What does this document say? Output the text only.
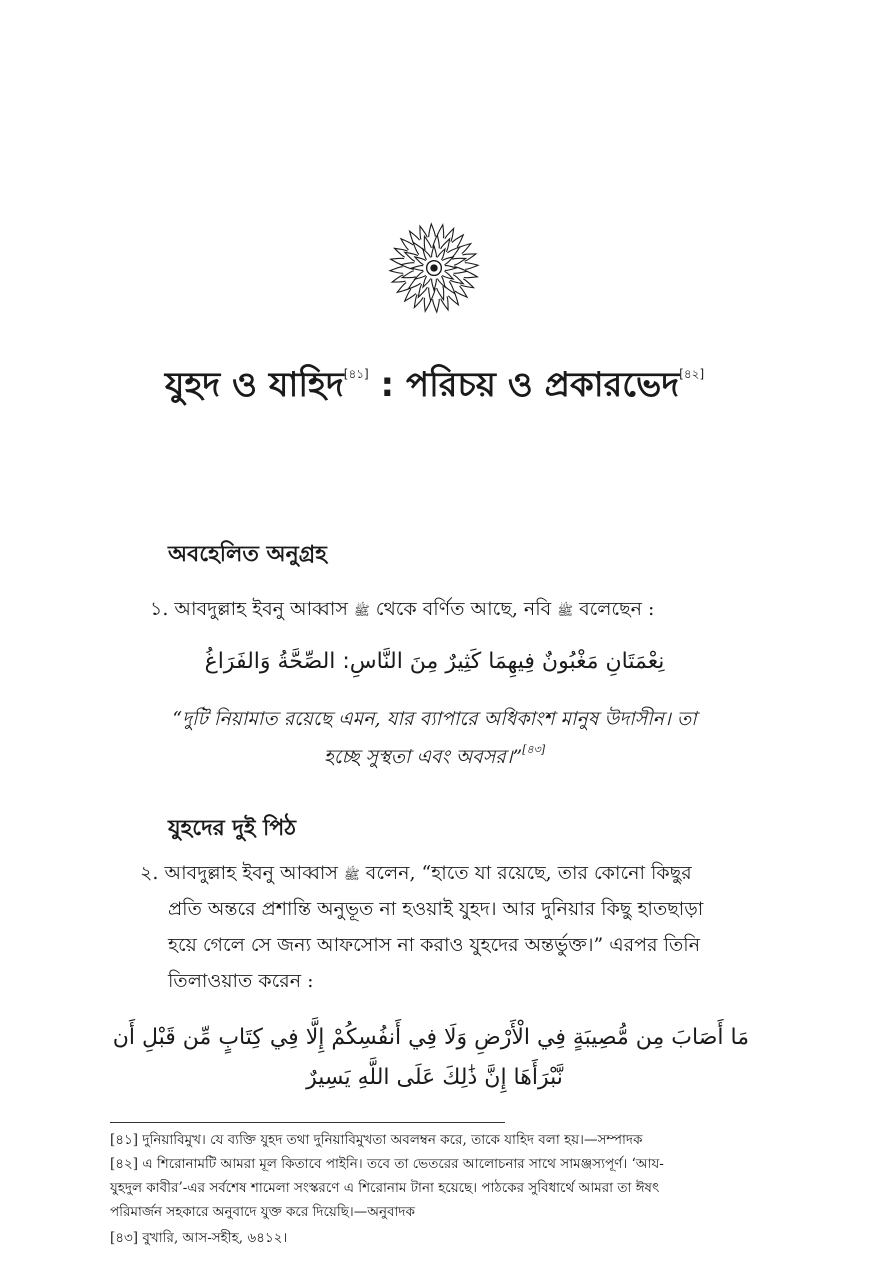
যুহদ ও যাহিদ[৪১] : পরিচয় ও প্রকারভেদ[৪২]
অবহেলিত অনুগ্রহ
১. আবদুল্লাহ ইবনু আব্বাস ﷺ থেকে বর্ণিত আছে, নবি ﷺ বলেছেন :
نِعْمَتَانِ مَغْبُونٌ فِيهِمَا كَثِيرٌ مِنَ النَّاسِ: الصِّحَّةُ وَالفَرَاغُ
“দুটি নিয়ামাত রয়েছে এমন, যার ব্যাপারে অধিকাংশ মানুষ উদাসীন। তা
হচ্ছে সুস্থতা এবং অবসর।”[৪৩]
যুহদের দুই পিঠ
২. আবদুল্লাহ ইবনু আব্বাস ﷺ বলেন, “হাতে যা রয়েছে, তার কোনো কিছুর
প্রতি অন্তরে প্রশান্তি অনুভূত না হওয়াই যুহদ। আর দুনিয়ার কিছু হাতছাড়া
হয়ে গেলে সে জন্য আফসোস না করাও যুহদের অন্তর্ভুক্ত।” এরপর তিনি
তিলাওয়াত করেন :
مَا أَصَابَ مِن مُّصِيبَةٍ فِي الْأَرْضِ وَلَا فِي أَنفُسِكُمْ إِلَّا فِي كِتَابٍ مِّن قَبْلِ أَن
نَّبْرَأَهَا إِنَّ ذَٰلِكَ عَلَى اللَّهِ يَسِيرٌ
[৪১] দুনিয়াবিমুখ। যে ব্যক্তি যুহদ তথা দুনিয়াবিমুখতা অবলম্বন করে, তাকে যাহিদ বলা হয়।—সম্পাদক
[৪২] এ শিরোনামটি আমরা মূল কিতাবে পাইনি। তবে তা ভেতরের আলোচনার সাথে সামঞ্জস্যপূর্ণ। ‘আয-
যুহদুল কাবীর’-এর সর্বশেষ শামেলা সংস্করণে এ শিরোনাম টানা হয়েছে। পাঠকের সুবিধার্থে আমরা তা ঈষৎ
পরিমার্জন সহকারে অনুবাদে যুক্ত করে দিয়েছি।—অনুবাদক
[৪৩] বুখারি, আস-সহীহ, ৬৪১২।
